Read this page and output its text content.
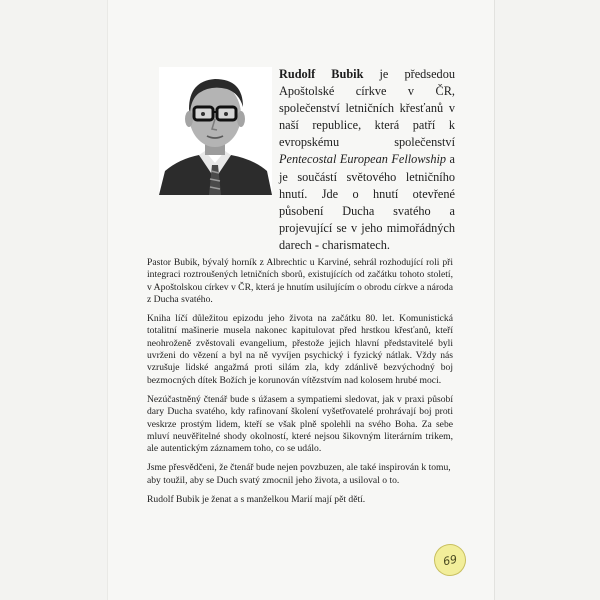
Rudolf Bubik je předsedou Apoštolské církve v ČR, společenství letničních křesťanů v naší republice, která patří k evropskému společenství Pentecostal European Fellowship a je součástí světového letničního hnutí. Jde o hnutí otevřené působení Ducha svatého a projevující se v jeho mimořádných darech - charismatech.

Pastor Bubik, bývalý horník z Albrechtic u Karviné, sehrál rozhodující roli při integraci roztroušených letničních sborů, existujících od začátku tohoto století, v Apoštolskou církev v ČR, která je hnutím usilujícím o obrodu církve a národa z Ducha svatého.

Kniha líčí důležitou epizodu jeho života na začátku 80. let. Komunistická totalitní mašinerie musela nakonec kapitulovat před hrstkou křesťanů, kteří neohroženě zvěstovali evangelium, přestože jejich hlavní představitelé byli uvrženi do vězení a byl na ně vyvíjen psychický i fyzický nátlak. Vždy nás vzrušuje lidské angažmá proti silám zla, kdy zdánlivě bezvýchodný boj bezmocných dítek Božích je korunován vítězstvím nad kolosem hrubé moci.

Nezúčastněný čtenář bude s úžasem a sympatiemi sledovat, jak v praxi působí dary Ducha svatého, kdy rafinovaní školení vyšetřovatelé prohrávají boj proti veskrze prostým lidem, kteří se však plně spolehli na svého Boha. Za sebe mluví neuvěřitelné shody okolností, které nejsou šikovným literárním trikem, ale autentickým záznamem toho, co se událo.

Jsme přesvědčeni, že čtenář bude nejen povzbuzen, ale také inspirován k tomu, aby toužil, aby se Duch svatý zmocnil jeho života, a usiloval o to.

Rudolf Bubik je ženat a s manželkou Marií mají pět dětí.

69
